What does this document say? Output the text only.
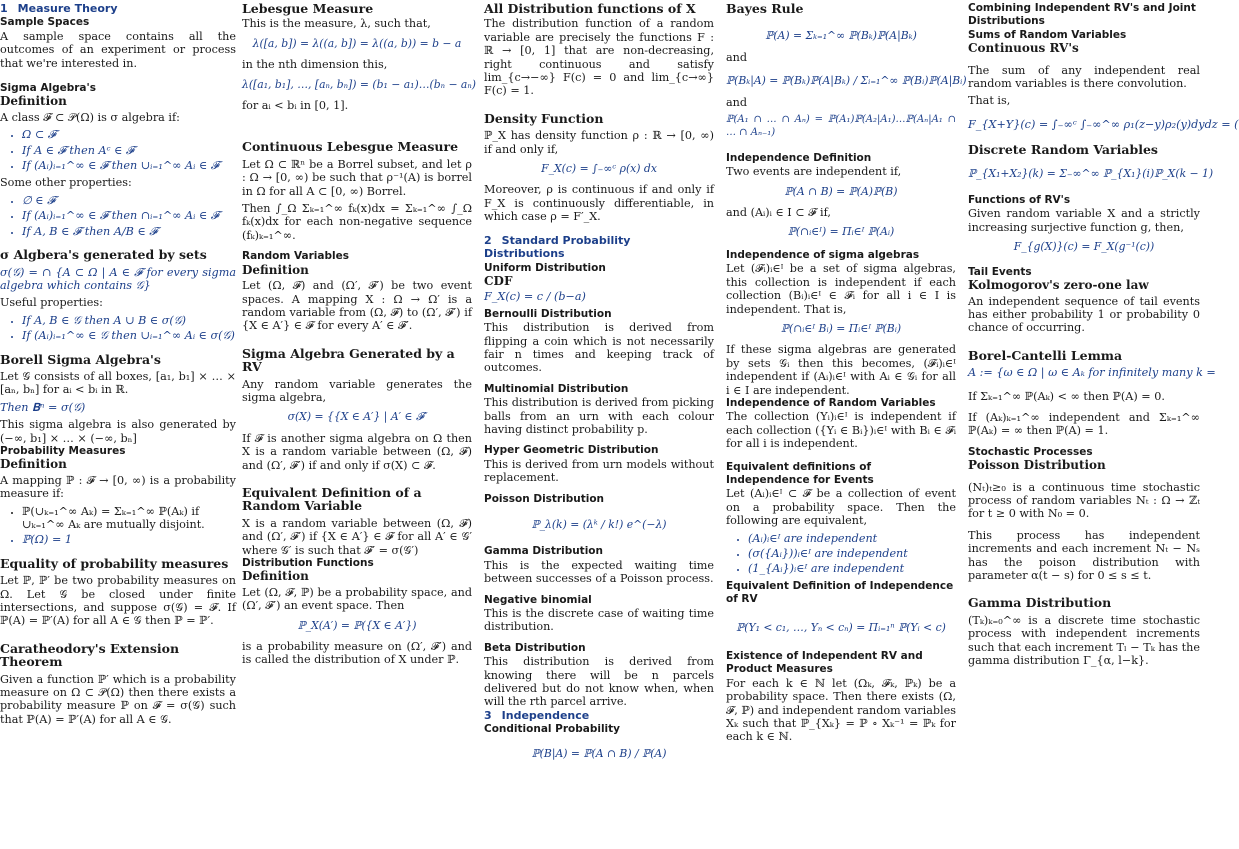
1 Measure Theory
Sample Spaces
A sample space contains all the outcomes of an experiment or process that we're interested in.
Sigma Algebra's
Definition
A class 𝓕 ⊂ 𝒫(Ω) is σ algebra if:
• Ω ⊂ 𝓕
• If A ∈ 𝓕 then Aᶜ ∈ 𝓕
• If (Aᵢ)ᵢ₌₁^∞ ∈ 𝓕 then ∪ᵢ₌₁^∞ Aᵢ ∈ 𝓕
Some other properties:
• ∅ ∈ 𝓕
• If (Aᵢ)ᵢ₌₁^∞ ∈ 𝓕 then ∩ᵢ₌₁^∞ Aᵢ ∈ 𝓕
• If A, B ∈ 𝓕 then A/B ∈ 𝓕
σ Algbera's generated by sets
σ(𝒢) = ∩ {A ⊂ Ω | A ∈ 𝓕 for every sigma algebra which contains 𝒢}
Useful properties:
• If A, B ∈ 𝒢 then A ∪ B ∈ σ(𝒢)
• If (Aᵢ)ᵢ₌₁^∞ ∈ 𝒢 then ∪ᵢ₌₁^∞ Aᵢ ∈ σ(𝒢)
Borell Sigma Algebra's
Let 𝒢 consists of all boxes, [a₁, b₁] × … × [aₙ, bₙ] for aᵢ < bᵢ in ℝ.
Then 𝐁ⁿ = σ(𝒢)
This sigma algebra is also generated by (−∞, b₁] × … × (−∞, bₙ]
Probability Measures
Definition
A mapping ℙ : 𝓕 → [0, ∞) is a probability measure if:
• ℙ(∪ₖ₌₁^∞ Aₖ) = Σₖ₌₁^∞ ℙ(Aₖ) if ∪ₖ₌₁^∞ Aₖ are mutually disjoint.
• ℙ(Ω) = 1
Equality of probability measures
Let ℙ, ℙ′ be two probability measures on Ω. Let 𝒢 be closed under finite intersections, and suppose σ(𝒢) = 𝓕. If ℙ(A) = ℙ′(A) for all A ∈ 𝒢 then ℙ = ℙ′.
Caratheodory's Extension Theorem
Given a function ℙ′ which is a probability measure on Ω ⊂ 𝒫(Ω) then there exists a probability measure ℙ on 𝓕 = σ(𝒢) such that ℙ(A) = ℙ′(A) for all A ∈ 𝒢.
Lebesgue Measure
This is the measure, λ, such that,
λ([a, b]) = λ((a, b]) = λ((a, b)) = b − a
in the nth dimension this,
λ([a₁, b₁], …, [aₙ, bₙ]) = (b₁ − a₁)…(bₙ − aₙ)
for aᵢ < bᵢ in [0, 1].
Continuous Lebesgue Measure
Let Ω ⊂ ℝⁿ be a Borrel subset, and let ρ : Ω → [0, ∞) be such that ρ⁻¹(A) is borrel in Ω for all A ⊂ [0, ∞) Borrel.
Then ∫_Ω Σₖ₌₁^∞ fₖ(x)dx = Σₖ₌₁^∞ ∫_Ω fₖ(x)dx for each non-negative sequence (fₖ)ₖ₌₁^∞.
Random Variables
Definition
Let (Ω, 𝓕) and (Ω′, 𝓕′) be two event spaces. A mapping X : Ω → Ω′ is a random variable from (Ω, 𝓕) to (Ω′, 𝓕′) if {X ∈ A′} ∈ 𝓕 for every A′ ∈ 𝓕′.
Sigma Algebra Generated by a RV
Any random variable generates the sigma algebra,
σ(X) = {{X ∈ A′} | A′ ∈ 𝓕′
If 𝓕 is another sigma algebra on Ω then X is a random variable between (Ω, 𝓕) and (Ω′, 𝓕′) if and only if σ(X) ⊂ 𝓕.
Equivalent Definition of a Random Variable
X is a random variable between (Ω, 𝓕) and (Ω′, 𝓕′) if {X ∈ A′} ∈ 𝓕 for all A′ ∈ 𝒢′ where 𝒢′ is such that 𝓕′ = σ(𝒢′)
Distribution Functions
Definition
Let (Ω, 𝓕, ℙ) be a probability space, and (Ω′, 𝓕′) an event space. Then
ℙ_X(A′) = ℙ({X ∈ A′})
is a probability measure on (Ω′, 𝓕′) and is called the distribution of X under ℙ.
All Distribution functions of X
The distribution function of a random variable are precisely the functions F : ℝ → [0, 1] that are non-decreasing, right continuous and satisfy lim_{c→−∞} F(c) = 0 and lim_{c→∞} F(c) = 1.
Density Function
ℙ_X has density function ρ : ℝ → [0, ∞) if and only if,
F_X(c) = ∫₋∞ᶜ ρ(x) dx
Moreover, ρ is continuous if and only if F_X is continuously differentiable, in which case ρ = F′_X.
2 Standard Probability Distributions
Uniform Distribution
CDF
F_X(c) = c / (b−a)
Bernoulli Distribution
This distribution is derived from flipping a coin which is not necessarily fair n times and keeping track of outcomes.
Multinomial Distribution
This distribution is derived from picking balls from an urn with each colour having distinct probability p.
Hyper Geometric Distribution
This is derived from urn models without replacement.
Poisson Distribution
ℙ_λ(k) = (λᵏ / k!) e^(−λ)
Gamma Distribution
This is the expected waiting time between successes of a Poisson process.
Negative binomial
This is the discrete case of waiting time distribution.
Beta Distribution
This distribution is derived from knowing there will be n parcels delivered but do not know when, when will the rth parcel arrive.
3 Independence
Conditional Probability
ℙ(B|A) = ℙ(A ∩ B) / ℙ(A)
Bayes Rule
ℙ(A) = Σₖ₌₁^∞ ℙ(Bₖ)ℙ(A|Bₖ)
and
ℙ(Bₖ|A) = ℙ(Bₖ)ℙ(A|Bₖ) / Σᵢ₌₁^∞ ℙ(Bᵢ)ℙ(A|Bᵢ)
and
ℙ(A₁ ∩ … ∩ Aₙ) = ℙ(A₁)ℙ(A₂|A₁)…ℙ(Aₙ|A₁ ∩ … ∩ Aₙ₋₁)
Independence Definition
Two events are independent if,
ℙ(A ∩ B) = ℙ(A)ℙ(B)
and (Aᵢ)ᵢ ∈ I ⊂ 𝓕 if,
ℙ(∩ᵢ∈ᴵ) = Πᵢ∈ᴵ ℙ(Aᵢ)
Independence of sigma algebras
Let (𝓕ᵢ)ᵢ∈ᴵ be a set of sigma algebras, this collection is independent if each collection (Bᵢ)ᵢ∈ᴵ ∈ 𝓕ᵢ for all i ∈ I is independent. That is,
ℙ(∩ᵢ∈ᴵ Bᵢ) = Πᵢ∈ᴵ ℙ(Bᵢ)
If these sigma algebras are generated by sets 𝒢ᵢ then this becomes, (𝓕ᵢ)ᵢ∈ᴵ independent if (Aᵢ)ᵢ∈ᴵ with Aᵢ ∈ 𝒢ᵢ for all i ∈ I are independent.
Independence of Random Variables
The collection (Yᵢ)ᵢ∈ᴵ is independent if each collection ({Yᵢ ∈ Bᵢ})ᵢ∈ᴵ with Bᵢ ∈ 𝓕ᵢ for all i is independent.
Equivalent definitions of Independence for Events
Let (Aᵢ)ᵢ∈ᴵ ⊂ 𝓕 be a collection of event on a probability space. Then the following are equivalent,
• (Aᵢ)ᵢ∈ᴵ are independent
• (σ({Aᵢ}))ᵢ∈ᴵ are independent
• (1_{Aᵢ})ᵢ∈ᴵ are independent
Equivalent Definition of Independence of RV
ℙ(Y₁ < c₁, …, Yₙ < cₙ) = Πᵢ₌₁ⁿ ℙ(Yᵢ < c)
Existence of Independent RV and Product Measures
For each k ∈ ℕ let (Ωₖ, 𝓕ₖ, ℙₖ) be a probability space. Then there exists (Ω, 𝓕, ℙ) and independent random variables Xₖ such that ℙ_{Xₖ} = ℙ ∘ Xₖ⁻¹ = ℙₖ for each k ∈ ℕ.
Combining Independent RV's and Joint Distributions
Sums of Random Variables
Continuous RV's
The sum of any independent real random variables is there convolution.
That is,
F_{X+Y}(c) = ∫₋∞ᶜ ∫₋∞^∞ ρ₁(z−y)ρ₂(y)dydz = (
Discrete Random Variables
ℙ_{X₁+X₂}(k) = Σ₋∞^∞ ℙ_{X₁}(i)ℙ_X(k − 1)
Functions of RV's
Given random variable X and a strictly increasing surjective function g, then,
F_{g(X)}(c) = F_X(g⁻¹(c))
Tail Events
Kolmogorov's zero-one law
An independent sequence of tail events has either probability 1 or probability 0 chance of occurring.
Borel-Cantelli Lemma
A := {ω ∈ Ω | ω ∈ Aₖ for infinitely many k =
If Σₖ₌₁^∞ ℙ(Aₖ) < ∞ then ℙ(A) = 0.
If (Aₖ)ₖ₌₁^∞ independent and Σₖ₌₁^∞ ℙ(Aₖ) = ∞ then ℙ(A) = 1.
Stochastic Processes
Poisson Distribution
(Nₜ)ₜ≥₀ is a continuous time stochastic process of random variables Nₜ : Ω → ℤₜ for t ≥ 0 with N₀ = 0.
This process has independent increments and each increment Nₜ − Nₛ has the poison distribution with parameter α(t − s) for 0 ≤ s ≤ t.
Gamma Distribution
(Tₖ)ₖ₌₀^∞ is a discrete time stochastic process with independent increments such that each increment Tₗ − Tₖ has the gamma distribution Γ_{α, l−k}.
